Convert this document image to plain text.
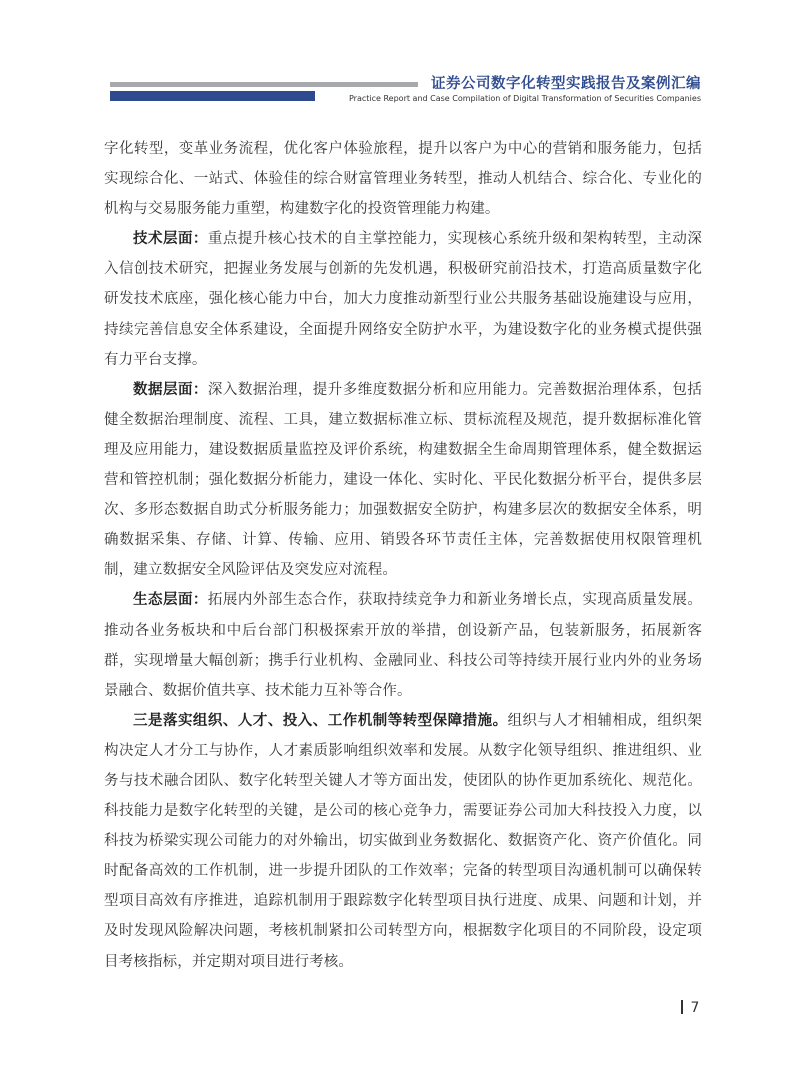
证券公司数字化转型实践报告及案例汇编
Practice Report and Case Compilation of Digital Transformation of Securities Companies

字化转型，变革业务流程，优化客户体验旅程，提升以客户为中心的营销和服务能力，包括实现综合化、一站式、体验佳的综合财富管理业务转型，推动人机结合、综合化、专业化的机构与交易服务能力重塑，构建数字化的投资管理能力构建。

技术层面：重点提升核心技术的自主掌控能力，实现核心系统升级和架构转型，主动深入信创技术研究，把握业务发展与创新的先发机遇，积极研究前沿技术，打造高质量数字化研发技术底座，强化核心能力中台，加大力度推动新型行业公共服务基础设施建设与应用，持续完善信息安全体系建设，全面提升网络安全防护水平，为建设数字化的业务模式提供强有力平台支撑。

数据层面：深入数据治理，提升多维度数据分析和应用能力。完善数据治理体系，包括健全数据治理制度、流程、工具，建立数据标准立标、贯标流程及规范，提升数据标准化管理及应用能力，建设数据质量监控及评价系统，构建数据全生命周期管理体系，健全数据运营和管控机制；强化数据分析能力，建设一体化、实时化、平民化数据分析平台，提供多层次、多形态数据自助式分析服务能力；加强数据安全防护，构建多层次的数据安全体系，明确数据采集、存储、计算、传输、应用、销毁各环节责任主体，完善数据使用权限管理机制，建立数据安全风险评估及突发应对流程。

生态层面：拓展内外部生态合作，获取持续竞争力和新业务增长点，实现高质量发展。推动各业务板块和中后台部门积极探索开放的举措，创设新产品，包装新服务，拓展新客群，实现增量大幅创新；携手行业机构、金融同业、科技公司等持续开展行业内外的业务场景融合、数据价值共享、技术能力互补等合作。

三是落实组织、人才、投入、工作机制等转型保障措施。组织与人才相辅相成，组织架构决定人才分工与协作，人才素质影响组织效率和发展。从数字化领导组织、推进组织、业务与技术融合团队、数字化转型关键人才等方面出发，使团队的协作更加系统化、规范化。科技能力是数字化转型的关键，是公司的核心竞争力，需要证券公司加大科技投入力度，以科技为桥梁实现公司能力的对外输出，切实做到业务数据化、数据资产化、资产价值化。同时配备高效的工作机制，进一步提升团队的工作效率；完备的转型项目沟通机制可以确保转型项目高效有序推进，追踪机制用于跟踪数字化转型项目执行进度、成果、问题和计划，并及时发现风险解决问题，考核机制紧扣公司转型方向，根据数字化项目的不同阶段，设定项目考核指标，并定期对项目进行考核。

7
